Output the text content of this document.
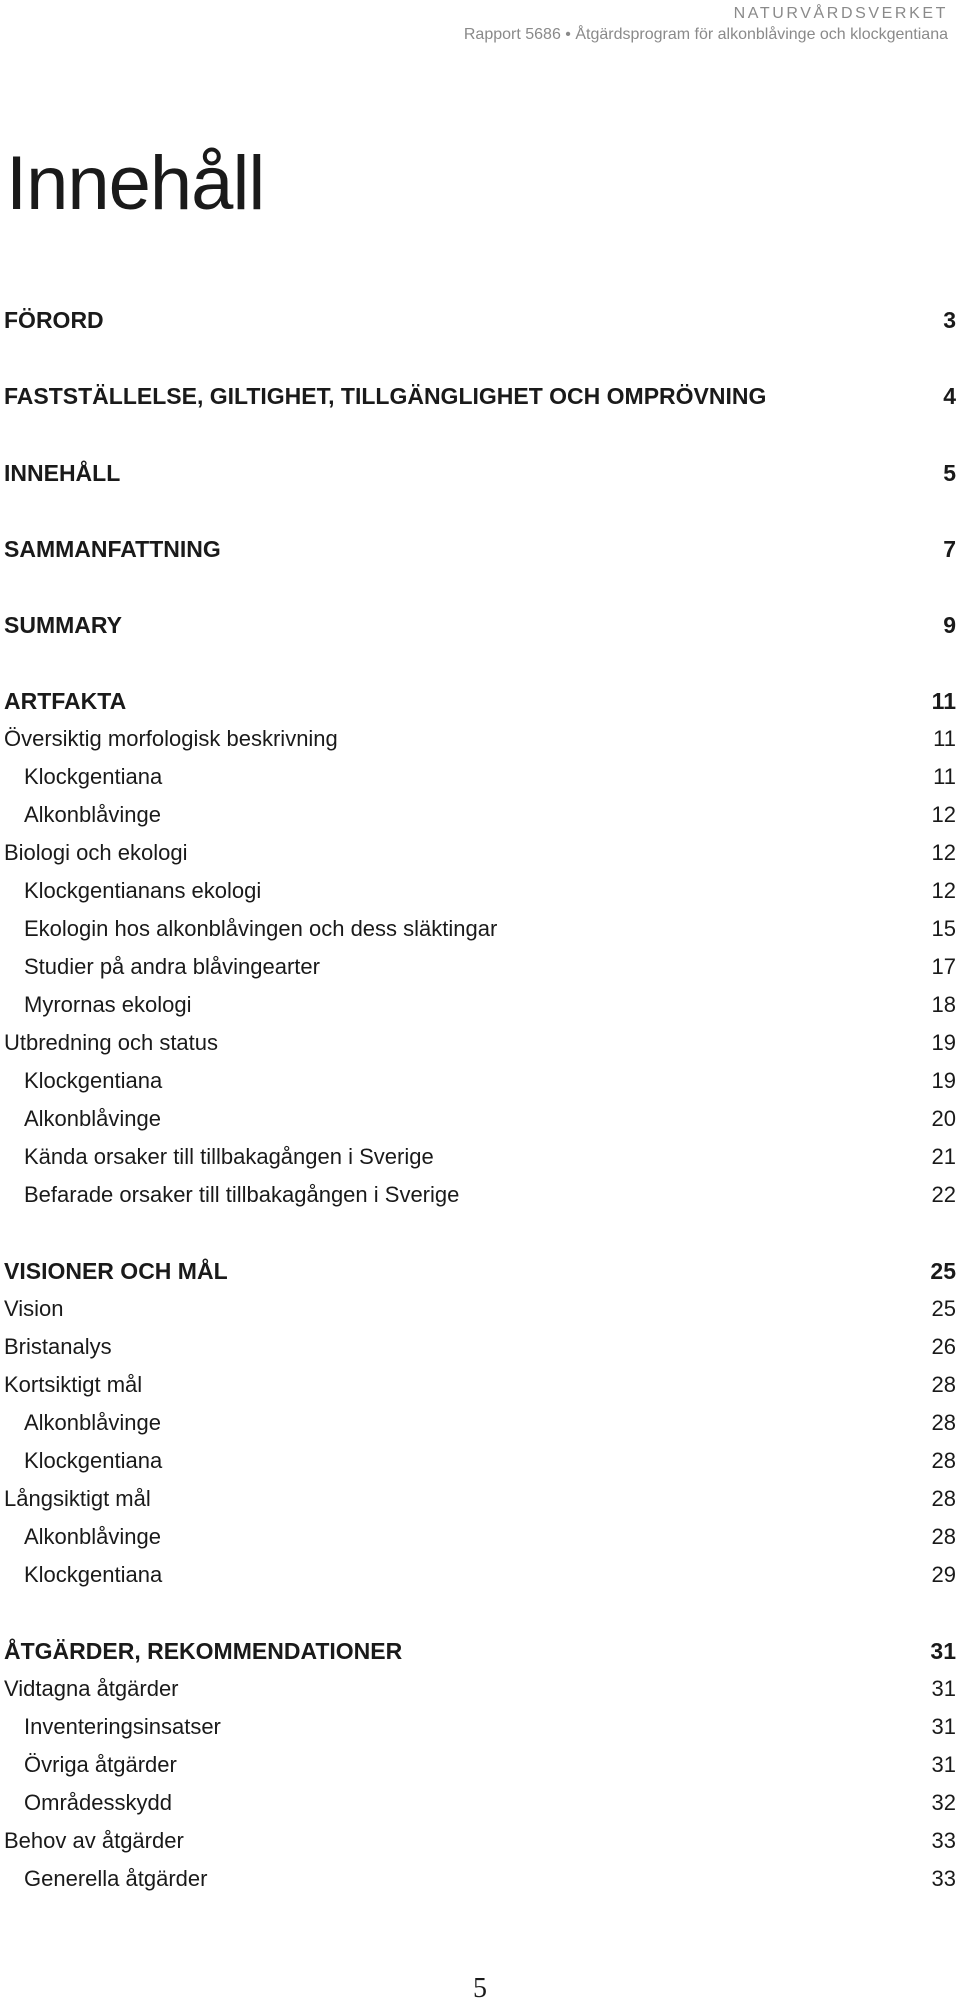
NATURVÅRDSVERKET
Rapport 5686 • Åtgärdsprogram för alkonblåvinge och klockgentiana
Innehåll
FÖRORD	3
FASTSTÄLLELSE, GILTIGHET, TILLGÄNGLIGHET OCH OMPRÖVNING	4
INNEHÅLL	5
SAMMANFATTNING	7
SUMMARY	9
ARTFAKTA	11
Översiktig morfologisk beskrivning	11
Klockgentiana	11
Alkonblåvinge	12
Biologi och ekologi	12
Klockgentianans ekologi	12
Ekologin hos alkonblåvingen och dess släktingar	15
Studier på andra blåvingearter	17
Myrornas ekologi	18
Utbredning och status	19
Klockgentiana	19
Alkonblåvinge	20
Kända orsaker till tillbakagången i Sverige	21
Befarade orsaker till tillbakagången i Sverige	22
VISIONER OCH MÅL	25
Vision	25
Bristanalys	26
Kortsiktigt mål	28
Alkonblåvinge	28
Klockgentiana	28
Långsiktigt mål	28
Alkonblåvinge	28
Klockgentiana	29
ÅTGÄRDER, REKOMMENDATIONER	31
Vidtagna åtgärder	31
Inventeringsinsatser	31
Övriga åtgärder	31
Områdesskydd	32
Behov av åtgärder	33
Generella åtgärder	33
5
